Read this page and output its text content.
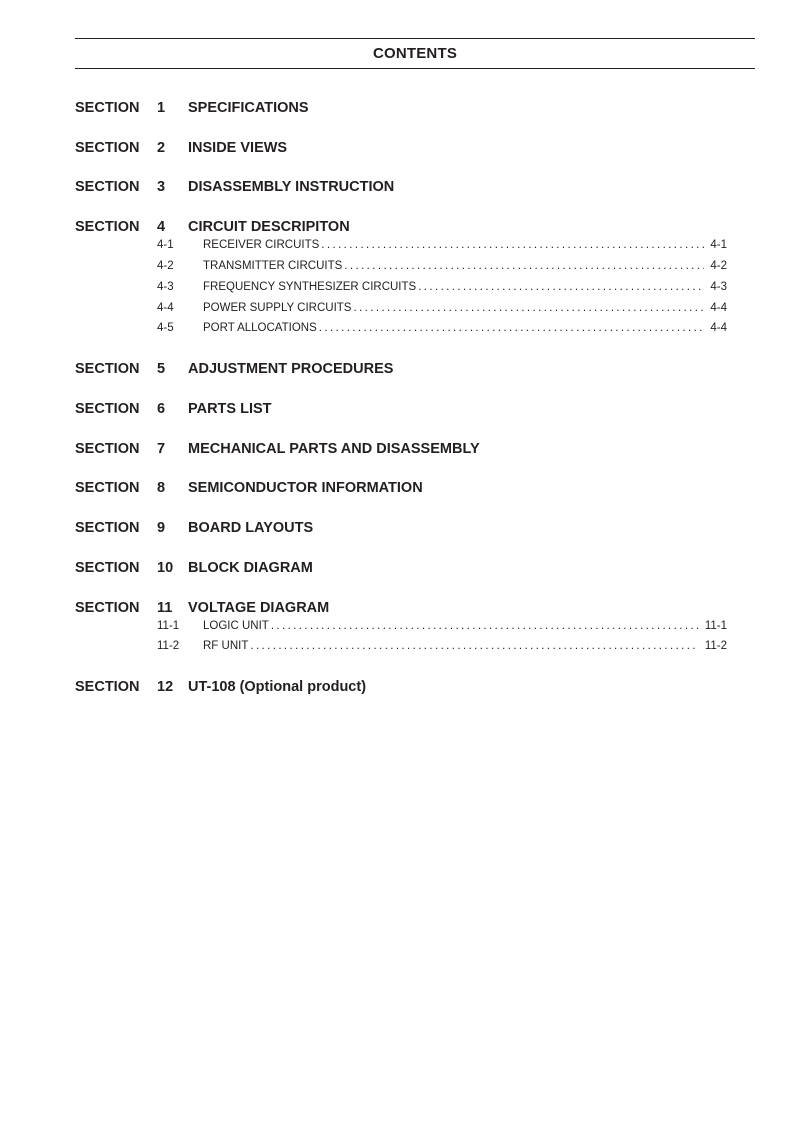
CONTENTS
SECTION 1 SPECIFICATIONS
SECTION 2 INSIDE VIEWS
SECTION 3 DISASSEMBLY INSTRUCTION
SECTION 4 CIRCUIT DESCRIPITON
4-1	RECEIVER CIRCUITS .....	4-1
4-2	TRANSMITTER CIRCUITS .....	4-2
4-3	FREQUENCY SYNTHESIZER CIRCUITS .....	4-3
4-4	POWER SUPPLY CIRCUITS .....	4-4
4-5	PORT ALLOCATIONS .....	4-4
SECTION 5 ADJUSTMENT PROCEDURES
SECTION 6 PARTS LIST
SECTION 7 MECHANICAL PARTS AND DISASSEMBLY
SECTION 8 SEMICONDUCTOR INFORMATION
SECTION 9 BOARD LAYOUTS
SECTION 10 BLOCK DIAGRAM
SECTION 11 VOLTAGE DIAGRAM
11-1 LOGIC UNIT .....	11-1
11-2 RF UNIT .....	11-2
SECTION 12 UT-108 (Optional product)
